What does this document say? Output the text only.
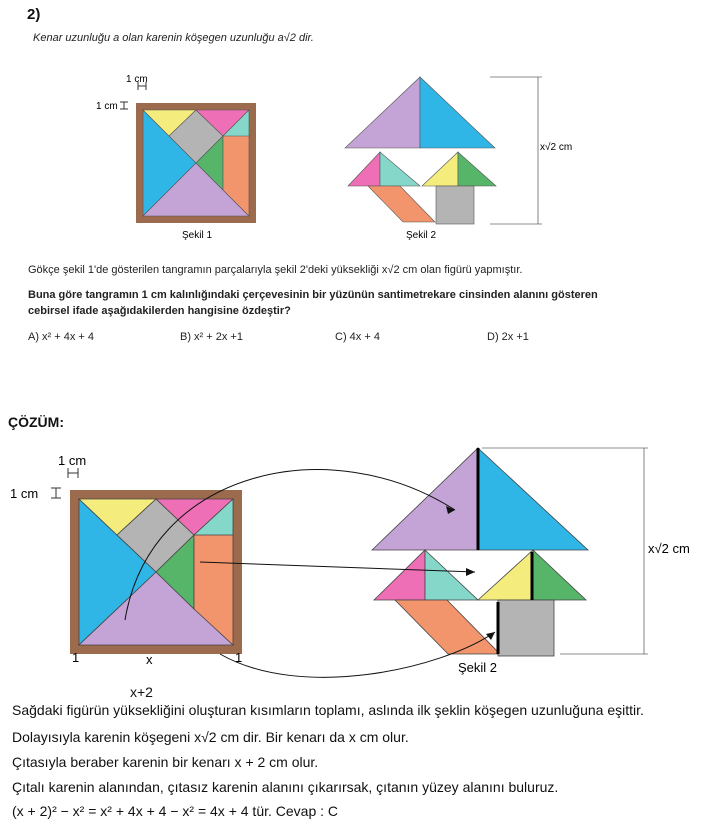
2)
Kenar uzunluğu a olan karenin köşegen uzunluğu a√2 dir.
1 cm
1 cm
Şekil 1
x√2 cm
Şekil 2
Gökçe şekil 1'de gösterilen tangramın parçalarıyla şekil 2'deki yüksekliği x√2 cm olan figürü yapmıştır.
Buna göre tangramın 1 cm kalınlığındaki çerçevesinin bir yüzünün santimetrekare cinsinden alanını gösteren
cebirsel ifade aşağıdakilerden hangisine özdeştir?
A) x² + 4x + 4	B) x² + 2x +1	C) 4x + 4	D) 2x +1
ÇÖZÜM:
1 cm
1 cm
1	1
x
x√2 cm
Şekil 2
x+2
Sağdaki figürün yüksekliğini oluşturan kısımların toplamı, aslında ilk şeklin köşegen uzunluğuna eşittir.
Dolayısıyla karenin köşegeni x√2 cm dir. Bir kenarı da x cm olur.
Çıtasıyla beraber karenin bir kenarı x + 2 cm olur.
Çıtalı karenin alanından, çıtasız karenin alanını çıkarırsak, çıtanın yüzey alanını buluruz.
(x + 2)² − x² = x² + 4x + 4 − x² = 4x + 4 tür. Cevap : C
